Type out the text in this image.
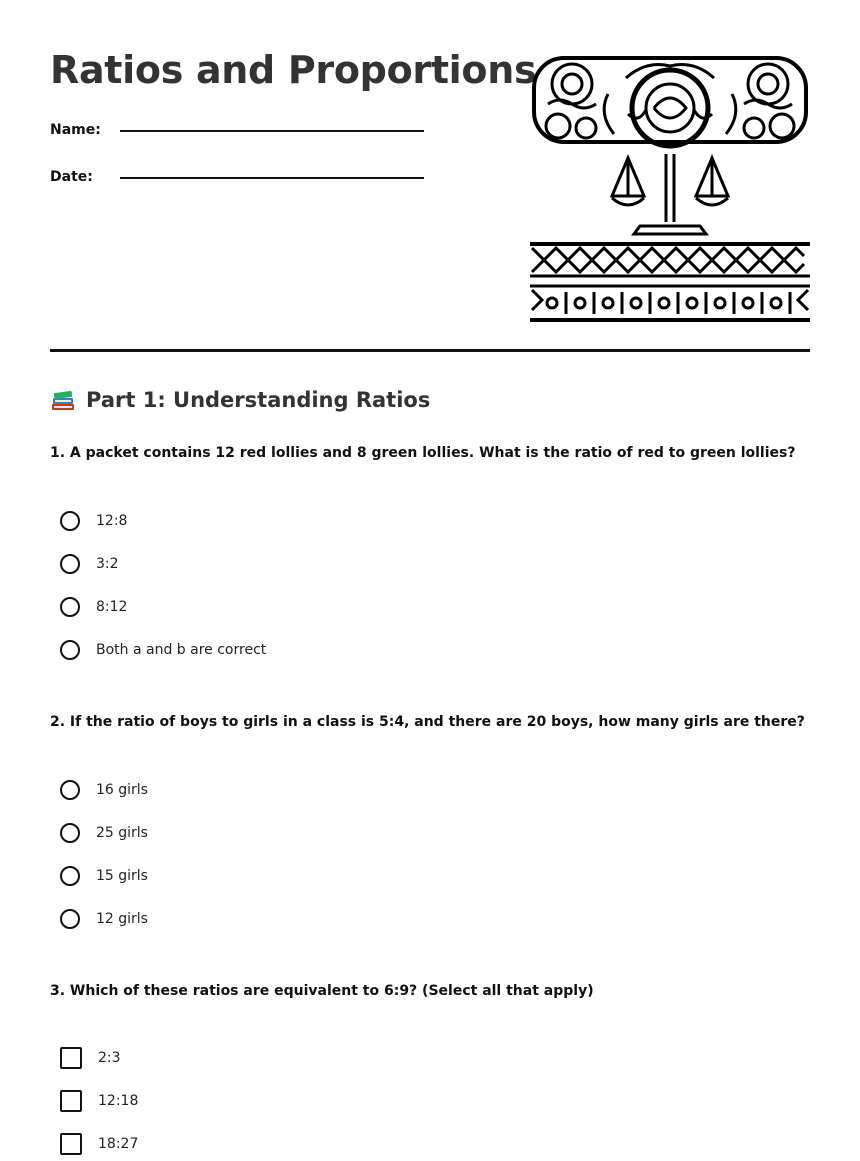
Ratios and Proportions
Name:
Date:
Part 1: Understanding Ratios

1. A packet contains 12 red lollies and 8 green lollies. What is the ratio of red to green lollies?

12:8
3:2
8:12
Both a and b are correct

2. If the ratio of boys to girls in a class is 5:4, and there are 20 boys, how many girls are there?

16 girls
25 girls
15 girls
12 girls

3. Which of these ratios are equivalent to 6:9? (Select all that apply)

2:3
12:18
18:27
